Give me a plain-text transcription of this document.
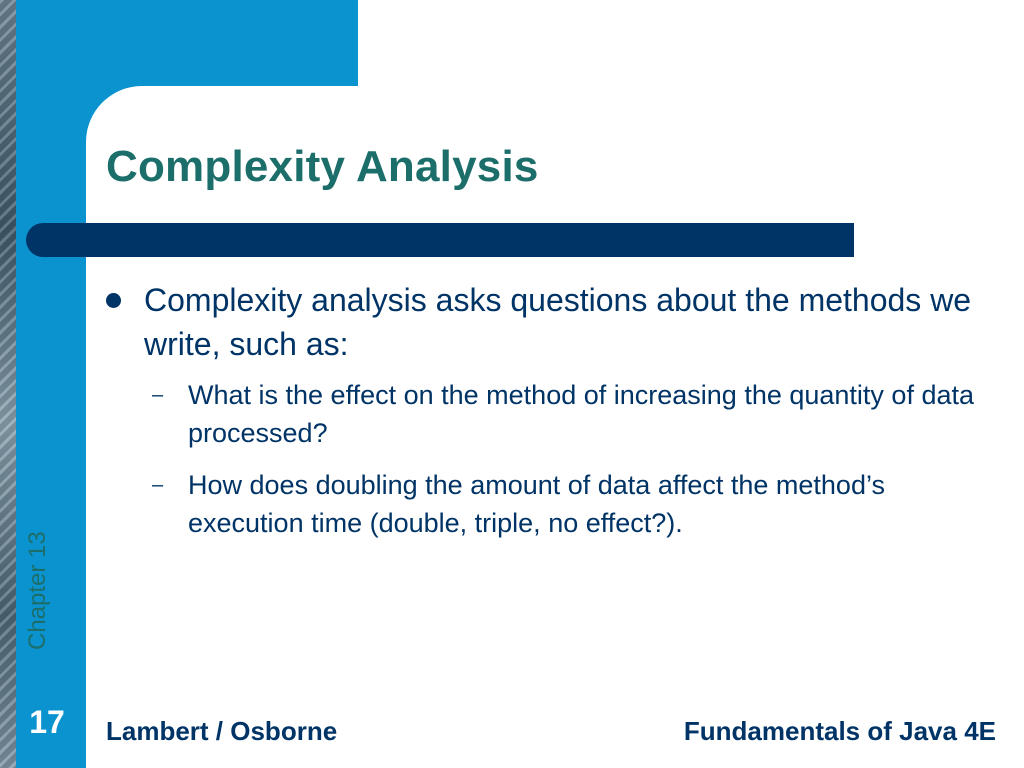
Complexity Analysis
Complexity analysis asks questions about the methods we write, such as:
– What is the effect on the method of increasing the quantity of data processed?
– How does doubling the amount of data affect the method’s execution time (double, triple, no effect?).
Chapter 13
17	Lambert / Osborne	Fundamentals of Java 4E
